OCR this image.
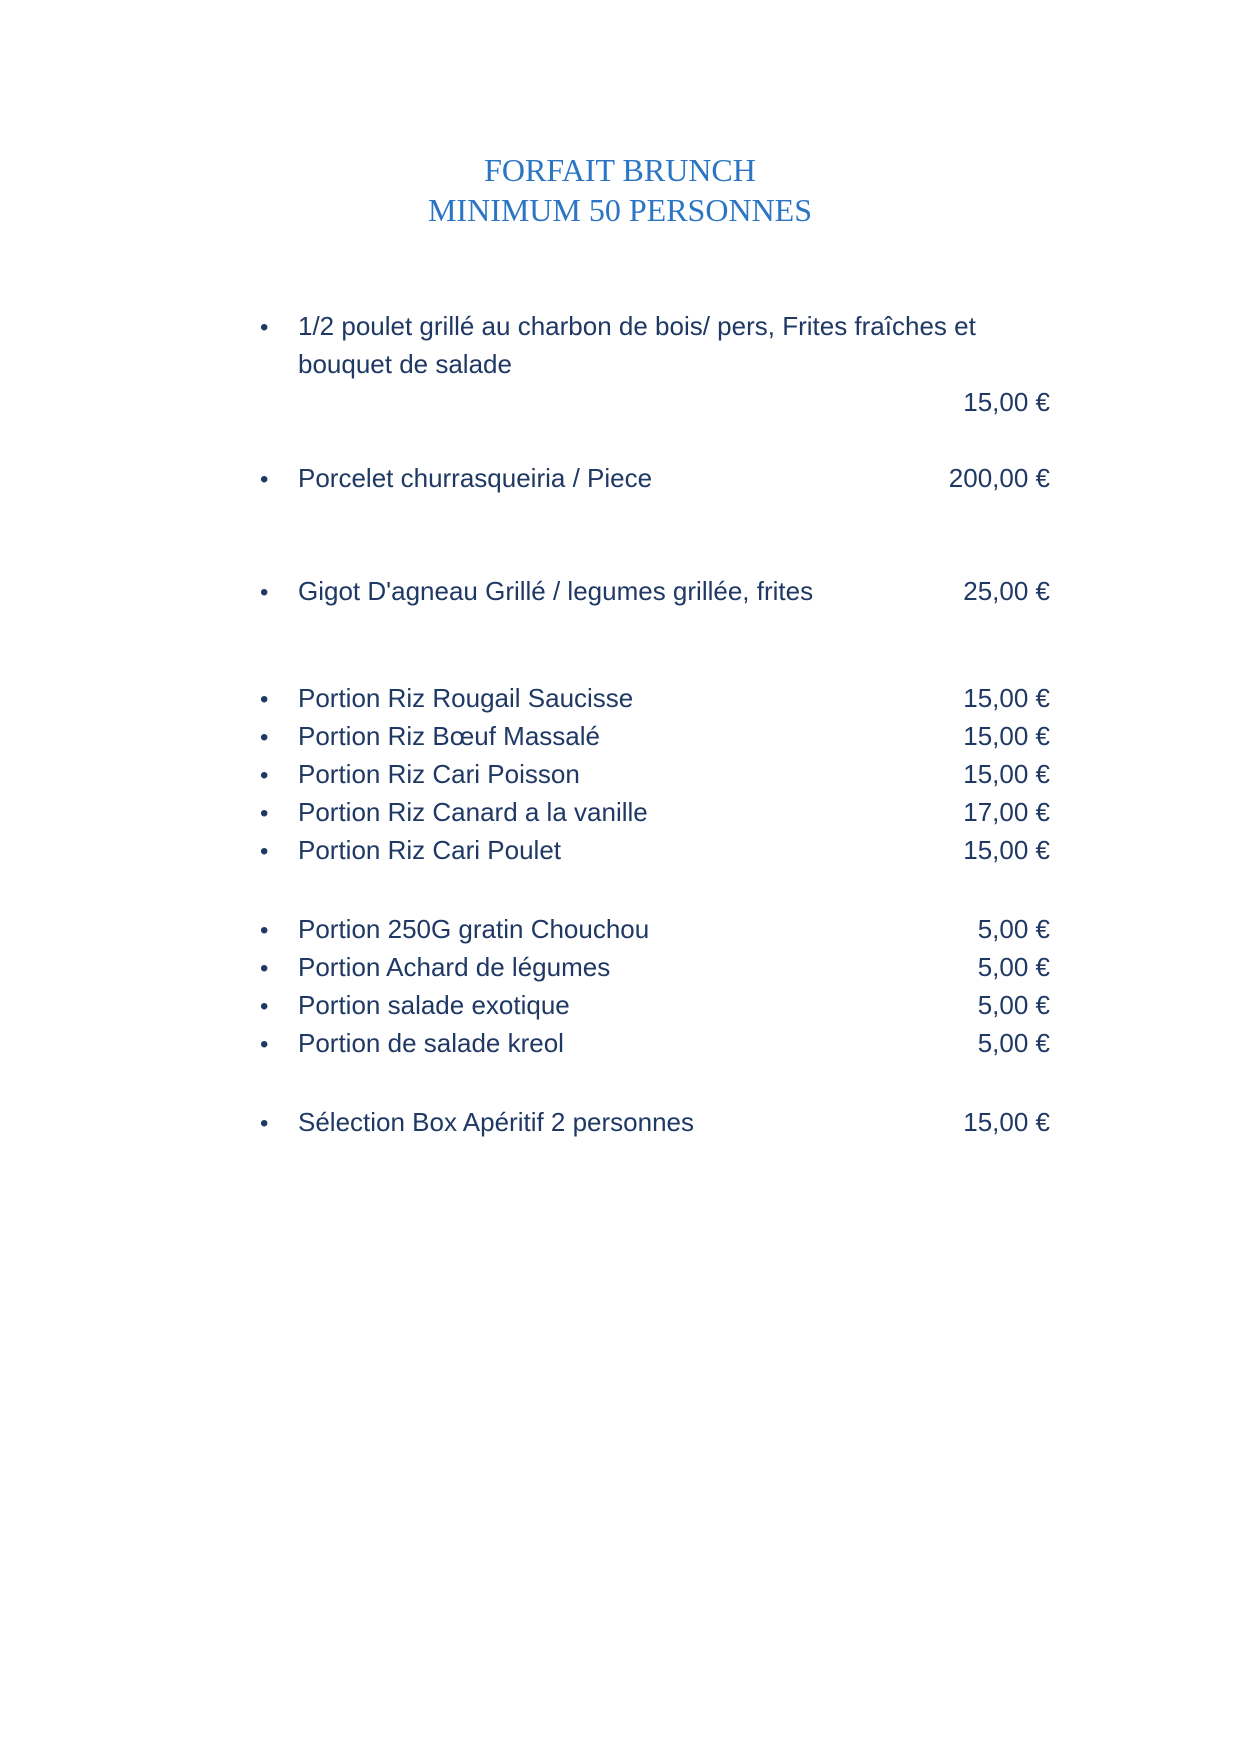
FORFAIT BRUNCH
MINIMUM 50 PERSONNES
•	1/2 poulet grillé au charbon de bois/ pers, Frites fraîches et
bouquet de salade
15,00 €
•	Porcelet churrasqueiria / Piece	200,00 €
•	Gigot D'agneau Grillé / legumes grillée, frites	25,00 €
•	Portion Riz Rougail Saucisse	15,00 €
•	Portion Riz Bœuf Massalé	15,00 €
•	Portion Riz Cari Poisson	15,00 €
•	Portion Riz Canard a la vanille	17,00 €
•	Portion Riz Cari Poulet	15,00 €
•	Portion 250G gratin Chouchou	5,00 €
•	Portion Achard de légumes	5,00 €
•	Portion salade exotique	5,00 €
•	Portion de salade kreol	5,00 €
•	Sélection Box Apéritif 2 personnes	15,00 €
